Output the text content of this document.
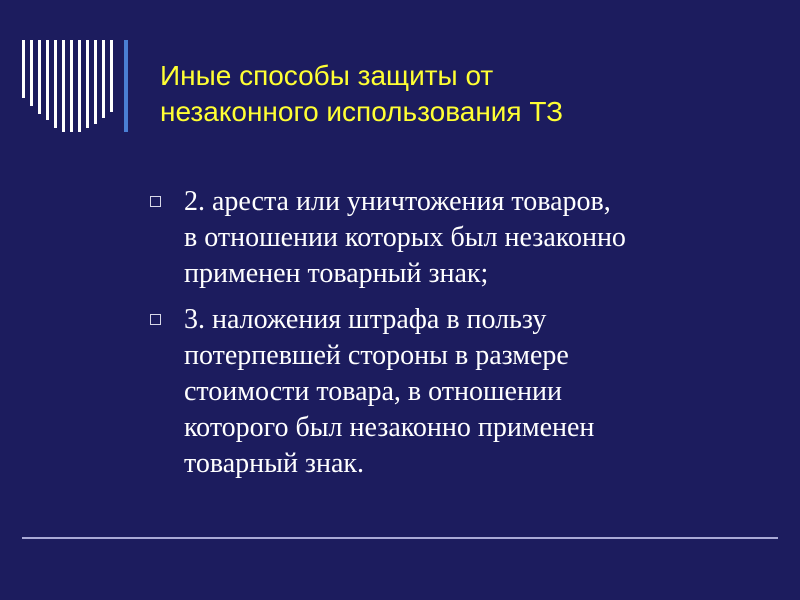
Иные способы защиты от
незаконного использования ТЗ
2. ареста или уничтожения товаров,
в отношении которых был незаконно
применен товарный знак;
3. наложения штрафа в пользу
потерпевшей стороны в размере
стоимости товара, в отношении
которого был незаконно применен
товарный знак.
